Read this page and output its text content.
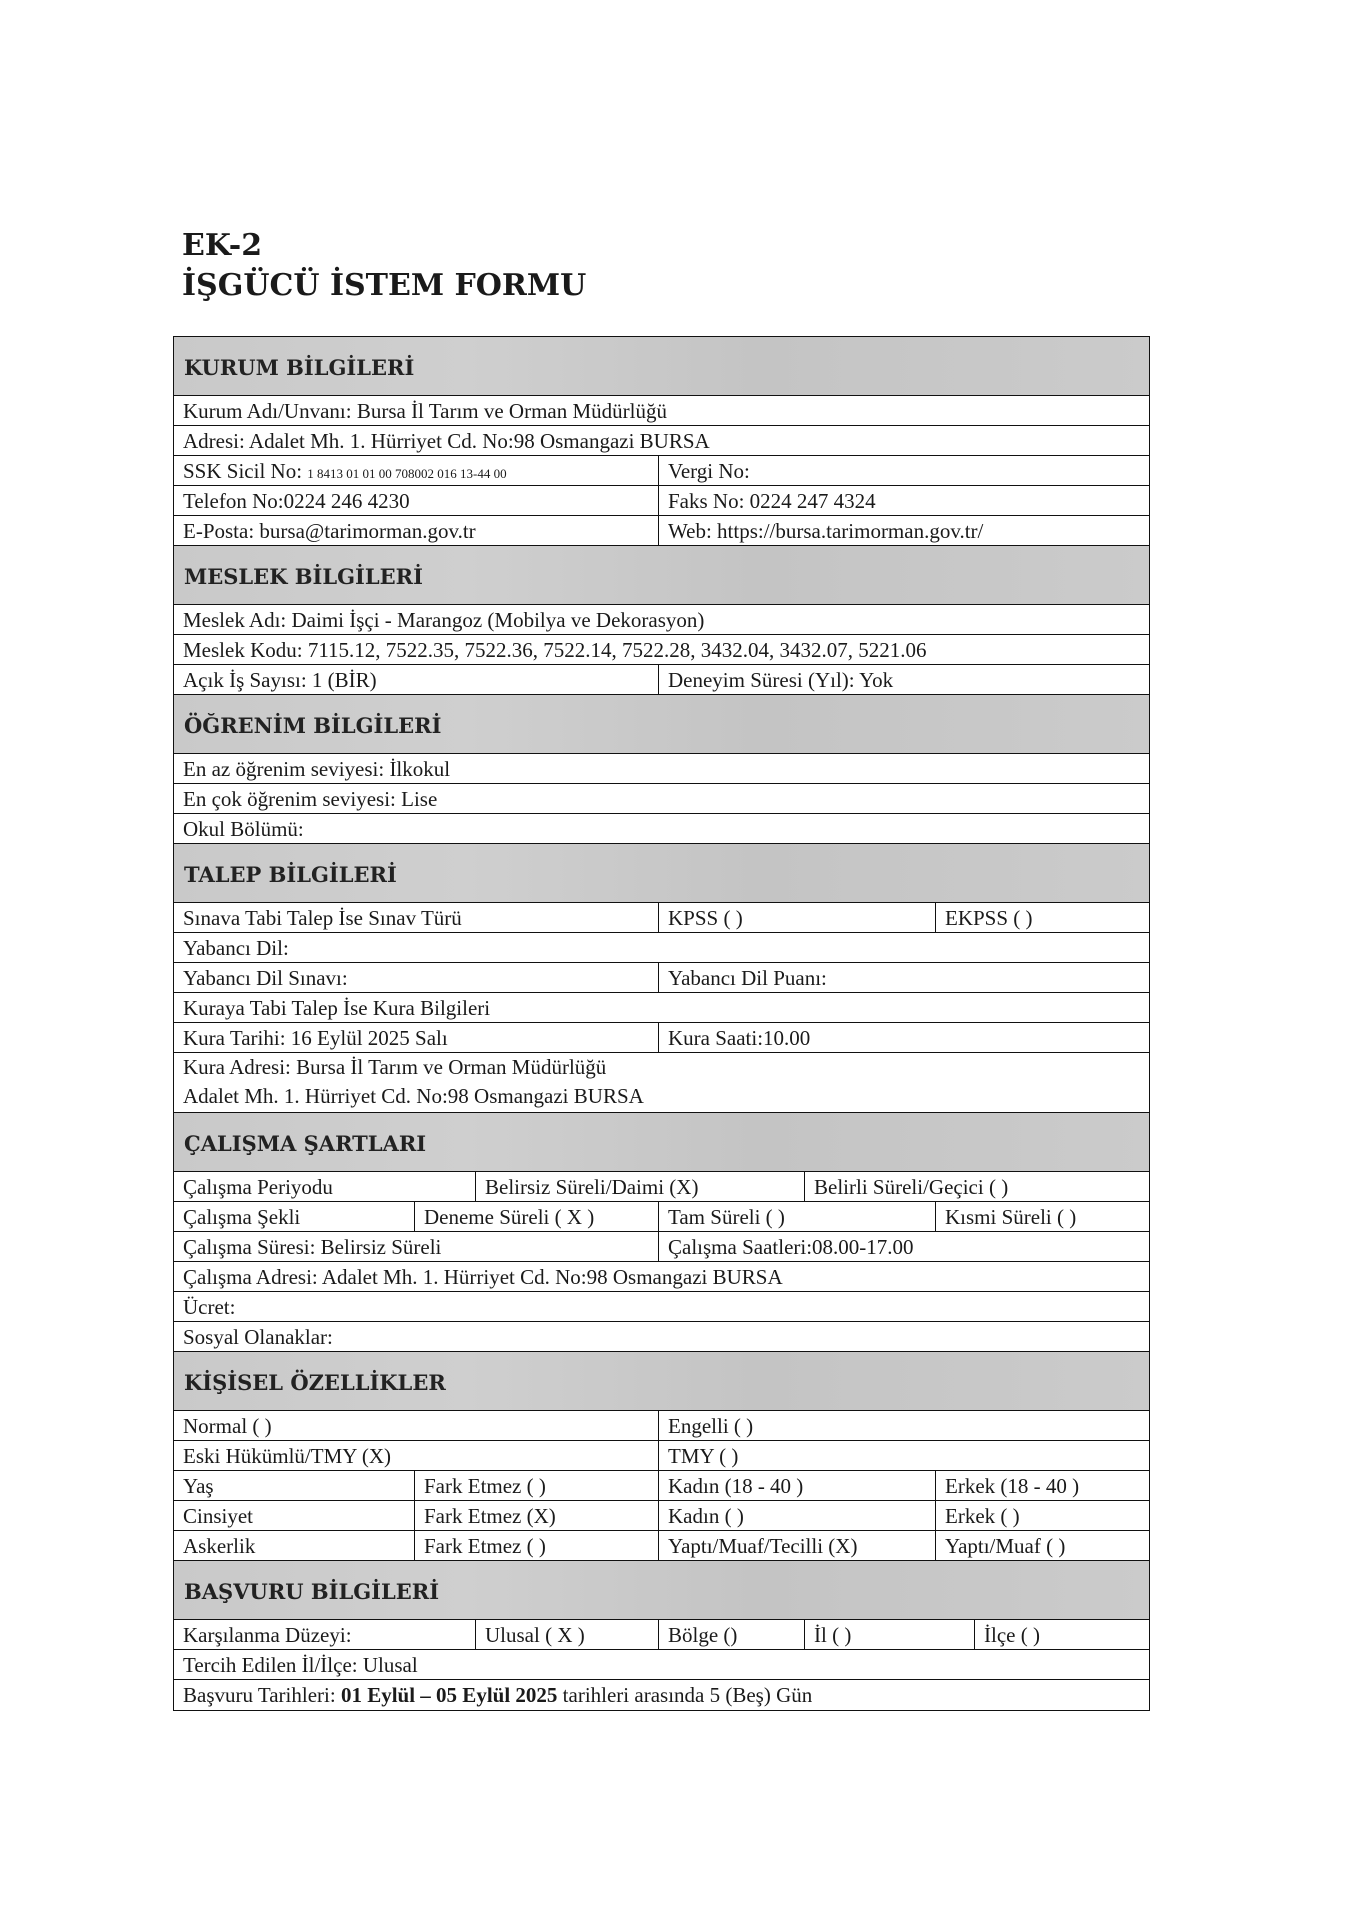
EK-2
İŞGÜCÜ İSTEM FORMU
KURUM BİLGİLERİ
Kurum Adı/Unvanı: Bursa İl Tarım ve Orman Müdürlüğü
Adresi: Adalet Mh. 1. Hürriyet Cd. No:98 Osmangazi BURSA
SSK Sicil No: 1 8413 01 01 00 708002 016 13-44 00	Vergi No:
Telefon No:0224 246 4230	Faks No: 0224 247 4324
E-Posta: bursa@tarimorman.gov.tr	Web: https://bursa.tarimorman.gov.tr/
MESLEK BİLGİLERİ
Meslek Adı: Daimi İşçi - Marangoz (Mobilya ve Dekorasyon)
Meslek Kodu: 7115.12, 7522.35, 7522.36, 7522.14, 7522.28, 3432.04, 3432.07, 5221.06
Açık İş Sayısı: 1 (BİR)	Deneyim Süresi (Yıl): Yok
ÖĞRENİM BİLGİLERİ
En az öğrenim seviyesi: İlkokul
En çok öğrenim seviyesi: Lise
Okul Bölümü:
TALEP BİLGİLERİ
Sınava Tabi Talep İse Sınav Türü	KPSS ( )	EKPSS ( )
Yabancı Dil:
Yabancı Dil Sınavı:	Yabancı Dil Puanı:
Kuraya Tabi Talep İse Kura Bilgileri
Kura Tarihi: 16 Eylül 2025 Salı	Kura Saati:10.00
Kura Adresi: Bursa İl Tarım ve Orman Müdürlüğü
Adalet Mh. 1. Hürriyet Cd. No:98 Osmangazi BURSA
ÇALIŞMA ŞARTLARI
Çalışma Periyodu	Belirsiz Süreli/Daimi (X)	Belirli Süreli/Geçici ( )
Çalışma Şekli	Deneme Süreli ( X )	Tam Süreli ( )	Kısmi Süreli ( )
Çalışma Süresi: Belirsiz Süreli	Çalışma Saatleri:08.00-17.00
Çalışma Adresi: Adalet Mh. 1. Hürriyet Cd. No:98 Osmangazi BURSA
Ücret:
Sosyal Olanaklar:
KİŞİSEL ÖZELLİKLER
Normal ( )	Engelli ( )
Eski Hükümlü/TMY (X)	TMY ( )
Yaş	Fark Etmez ( )	Kadın (18 - 40 )	Erkek (18 - 40 )
Cinsiyet	Fark Etmez (X)	Kadın ( )	Erkek ( )
Askerlik	Fark Etmez ( )	Yaptı/Muaf/Tecilli (X)	Yaptı/Muaf ( )
BAŞVURU BİLGİLERİ
Karşılanma Düzeyi:	Ulusal ( X )	Bölge ()	İl ( )	İlçe ( )
Tercih Edilen İl/İlçe: Ulusal
Başvuru Tarihleri: 01 Eylül – 05 Eylül 2025 tarihleri arasında 5 (Beş) Gün
